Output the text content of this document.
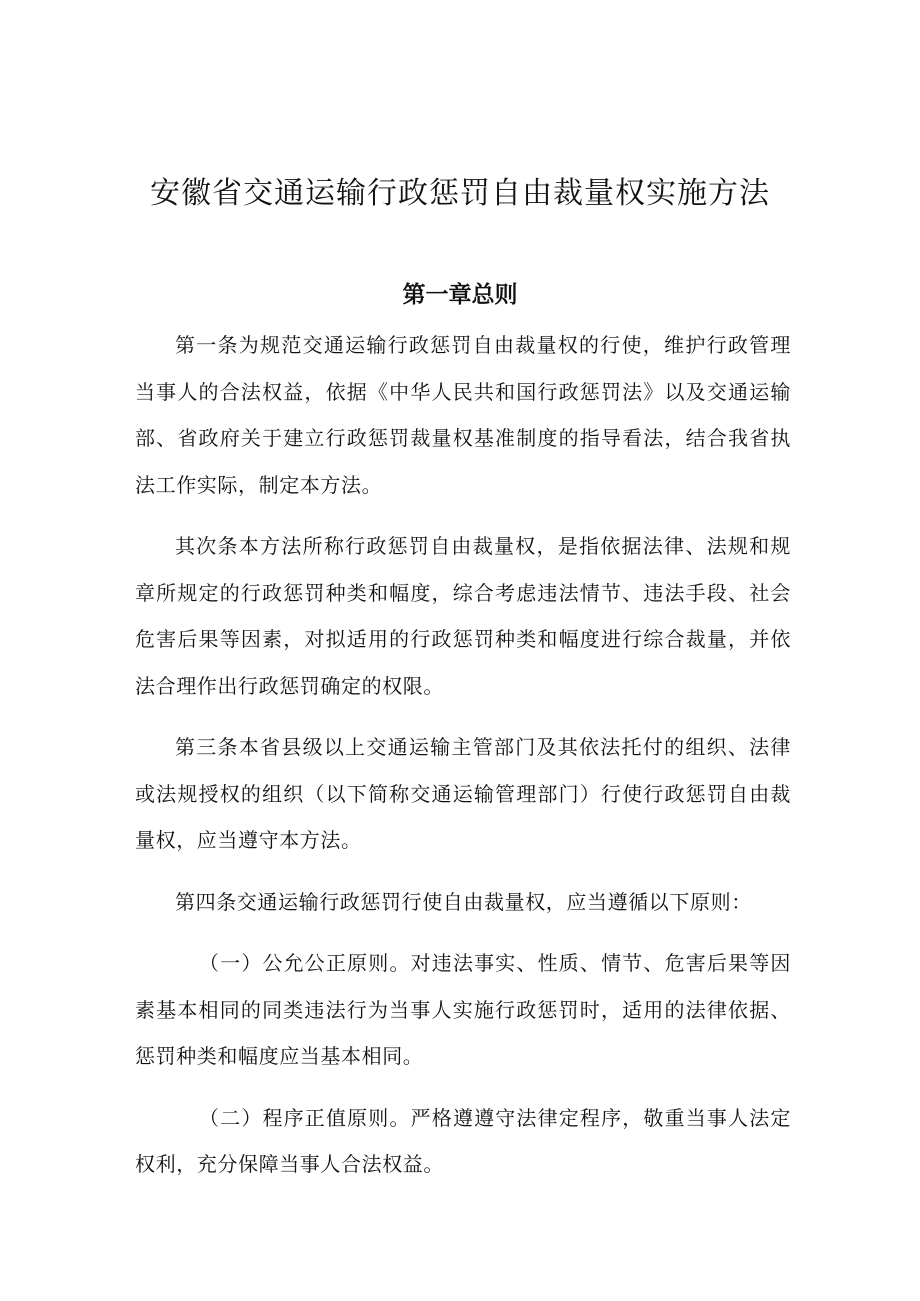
安徽省交通运输行政惩罚自由裁量权实施方法
第一章总则

第一条为规范交通运输行政惩罚自由裁量权的行使，维护行政管理当事人的合法权益，依据《中华人民共和国行政惩罚法》以及交通运输部、省政府关于建立行政惩罚裁量权基准制度的指导看法，结合我省执法工作实际，制定本方法。

其次条本方法所称行政惩罚自由裁量权，是指依据法律、法规和规章所规定的行政惩罚种类和幅度，综合考虑违法情节、违法手段、社会危害后果等因素，对拟适用的行政惩罚种类和幅度进行综合裁量，并依法合理作出行政惩罚确定的权限。

第三条本省县级以上交通运输主管部门及其依法托付的组织、法律或法规授权的组织（以下简称交通运输管理部门）行使行政惩罚自由裁量权，应当遵守本方法。

第四条交通运输行政惩罚行使自由裁量权，应当遵循以下原则：

（一）公允公正原则。对违法事实、性质、情节、危害后果等因素基本相同的同类违法行为当事人实施行政惩罚时，适用的法律依据、惩罚种类和幅度应当基本相同。

（二）程序正值原则。严格遵遵守法律定程序，敬重当事人法定权利，充分保障当事人合法权益。
